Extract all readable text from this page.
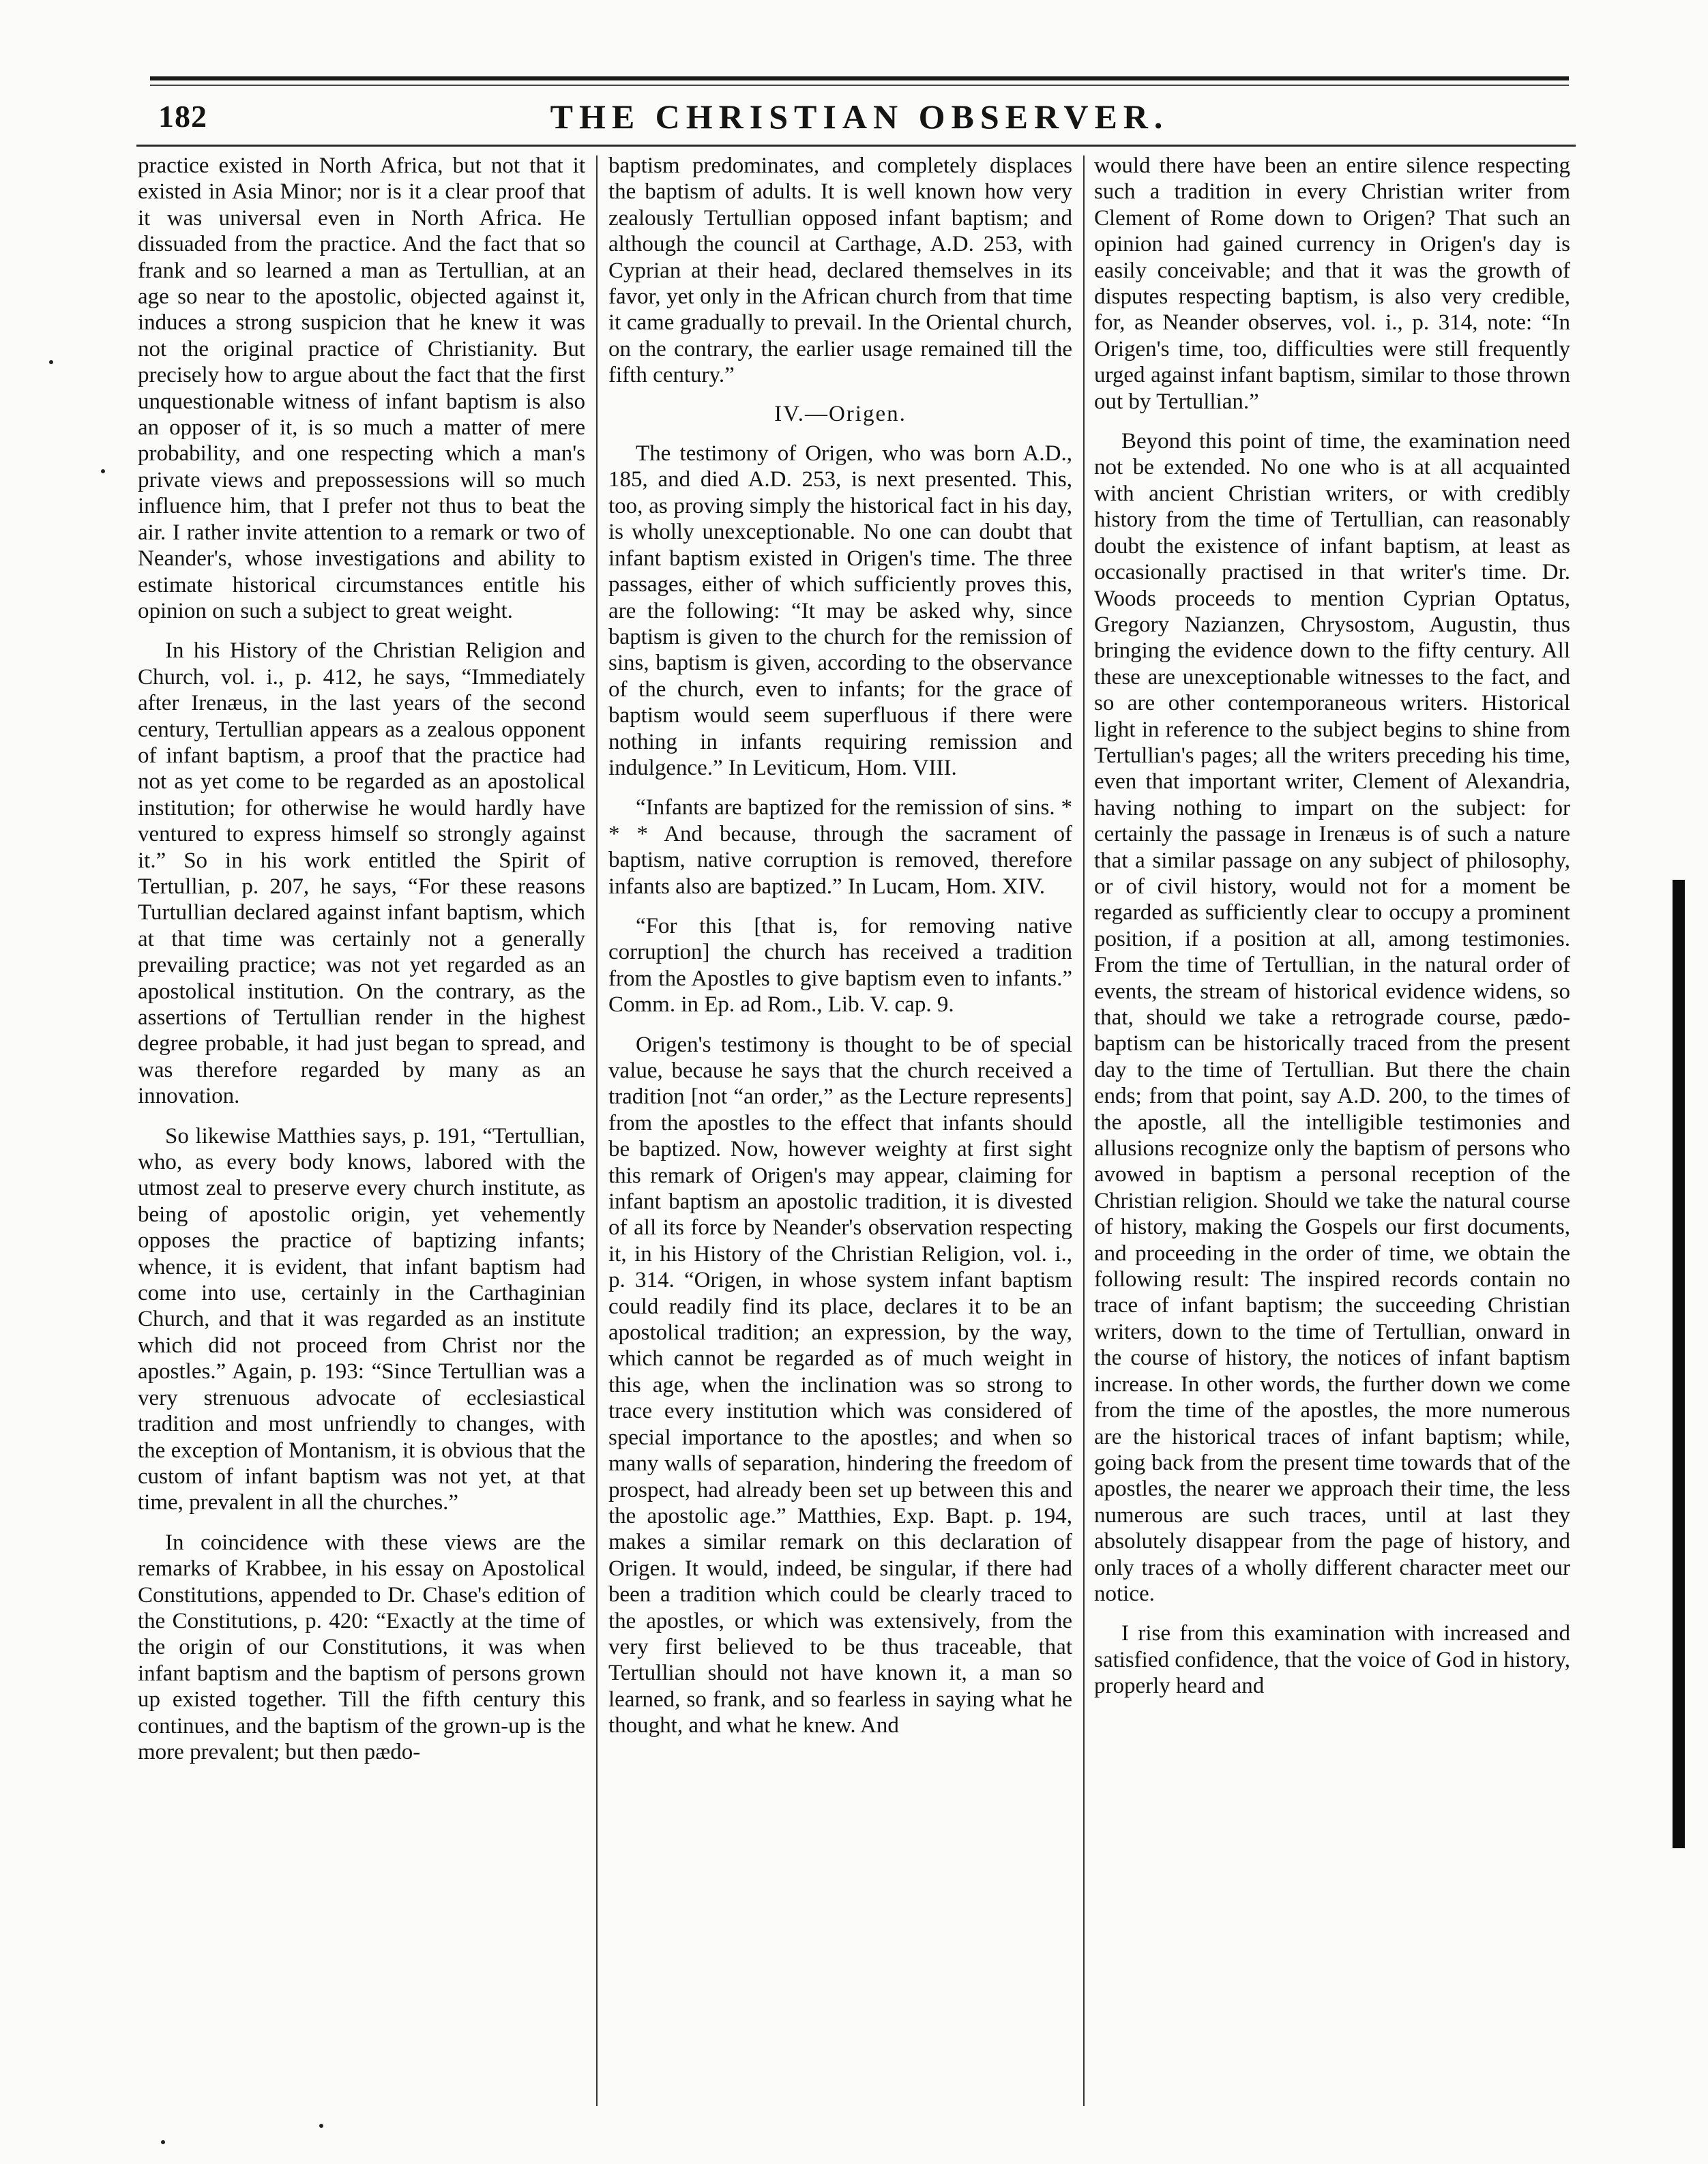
182	THE CHRISTIAN OBSERVER.

practice existed in North Africa, but not that it existed in Asia Minor; nor is it a clear proof that it was universal even in North Africa. He dissuaded from the practice. And the fact that so frank and so learned a man as Tertullian, at an age so near to the apostolic, objected against it, induces a strong suspicion that he knew it was not the original practice of Christianity. But precisely how to argue about the fact that the first unquestionable witness of infant baptism is also an opposer of it, is so much a matter of mere probability, and one respecting which a man's private views and prepossessions will so much influence him, that I prefer not thus to beat the air. I rather invite attention to a remark or two of Neander's, whose investigations and ability to estimate historical circumstances entitle his opinion on such a subject to great weight.

In his History of the Christian Religion and Church, vol. i., p. 412, he says, “Immediately after Irenæus, in the last years of the second century, Tertullian appears as a zealous opponent of infant baptism, a proof that the practice had not as yet come to be regarded as an apostolical institution; for otherwise he would hardly have ventured to express himself so strongly against it.” So in his work entitled the Spirit of Tertullian, p. 207, he says, “For these reasons Turtullian declared against infant baptism, which at that time was certainly not a generally prevailing practice; was not yet regarded as an apostolical institution. On the contrary, as the assertions of Tertullian render in the highest degree probable, it had just began to spread, and was therefore regarded by many as an innovation.

So likewise Matthies says, p. 191, “Tertullian, who, as every body knows, labored with the utmost zeal to preserve every church institute, as being of apostolic origin, yet vehemently opposes the practice of baptizing infants; whence, it is evident, that infant baptism had come into use, certainly in the Carthaginian Church, and that it was regarded as an institute which did not proceed from Christ nor the apostles.” Again, p. 193: “Since Tertullian was a very strenuous advocate of ecclesiastical tradition and most unfriendly to changes, with the exception of Montanism, it is obvious that the custom of infant baptism was not yet, at that time, prevalent in all the churches.”

In coincidence with these views are the remarks of Krabbee, in his essay on Apostolical Constitutions, appended to Dr. Chase's edition of the Constitutions, p. 420: “Exactly at the time of the origin of our Constitutions, it was when infant baptism and the baptism of persons grown up existed together. Till the fifth century this continues, and the baptism of the grown-up is the more prevalent; but then pædo-

baptism predominates, and completely displaces the baptism of adults. It is well known how very zealously Tertullian opposed infant baptism; and although the council at Carthage, A.D. 253, with Cyprian at their head, declared themselves in its favor, yet only in the African church from that time it came gradually to prevail. In the Oriental church, on the contrary, the earlier usage remained till the fifth century.”

IV.—Origen.

The testimony of Origen, who was born A.D., 185, and died A.D. 253, is next presented. This, too, as proving simply the historical fact in his day, is wholly unexceptionable. No one can doubt that infant baptism existed in Origen's time. The three passages, either of which sufficiently proves this, are the following: “It may be asked why, since baptism is given to the church for the remission of sins, baptism is given, according to the observance of the church, even to infants; for the grace of baptism would seem superfluous if there were nothing in infants requiring remission and indulgence.” In Leviticum, Hom. VIII.

“Infants are baptized for the remission of sins. * * * And because, through the sacrament of baptism, native corruption is removed, therefore infants also are baptized.” In Lucam, Hom. XIV.

“For this [that is, for removing native corruption] the church has received a tradition from the Apostles to give baptism even to infants.” Comm. in Ep. ad Rom., Lib. V. cap. 9.

Origen's testimony is thought to be of special value, because he says that the church received a tradition [not “an order,” as the Lecture represents] from the apostles to the effect that infants should be baptized. Now, however weighty at first sight this remark of Origen's may appear, claiming for infant baptism an apostolic tradition, it is divested of all its force by Neander's observation respecting it, in his History of the Christian Religion, vol. i., p. 314. “Origen, in whose system infant baptism could readily find its place, declares it to be an apostolical tradition; an expression, by the way, which cannot be regarded as of much weight in this age, when the inclination was so strong to trace every institution which was considered of special importance to the apostles; and when so many walls of separation, hindering the freedom of prospect, had already been set up between this and the apostolic age.” Matthies, Exp. Bapt. p. 194, makes a similar remark on this declaration of Origen. It would, indeed, be singular, if there had been a tradition which could be clearly traced to the apostles, or which was extensively, from the very first believed to be thus traceable, that Tertullian should not have known it, a man so learned, so frank, and so fearless in saying what he thought, and what he knew. And

would there have been an entire silence respecting such a tradition in every Christian writer from Clement of Rome down to Origen? That such an opinion had gained currency in Origen's day is easily conceivable; and that it was the growth of disputes respecting baptism, is also very credible, for, as Neander observes, vol. i., p. 314, note: “In Origen's time, too, difficulties were still frequently urged against infant baptism, similar to those thrown out by Tertullian.”

Beyond this point of time, the examination need not be extended. No one who is at all acquainted with ancient Christian writers, or with credibly history from the time of Tertullian, can reasonably doubt the existence of infant baptism, at least as occasionally practised in that writer's time. Dr. Woods proceeds to mention Cyprian Optatus, Gregory Nazianzen, Chrysostom, Augustin, thus bringing the evidence down to the fifty century. All these are unexceptionable witnesses to the fact, and so are other contemporaneous writers. Historical light in reference to the subject begins to shine from Tertullian's pages; all the writers preceding his time, even that important writer, Clement of Alexandria, having nothing to impart on the subject: for certainly the passage in Irenæus is of such a nature that a similar passage on any subject of philosophy, or of civil history, would not for a moment be regarded as sufficiently clear to occupy a prominent position, if a position at all, among testimonies. From the time of Tertullian, in the natural order of events, the stream of historical evidence widens, so that, should we take a retrograde course, pædo-baptism can be historically traced from the present day to the time of Tertullian. But there the chain ends; from that point, say A.D. 200, to the times of the apostle, all the intelligible testimonies and allusions recognize only the baptism of persons who avowed in baptism a personal reception of the Christian religion. Should we take the natural course of history, making the Gospels our first documents, and proceeding in the order of time, we obtain the following result: The inspired records contain no trace of infant baptism; the succeeding Christian writers, down to the time of Tertullian, onward in the course of history, the notices of infant baptism increase. In other words, the further down we come from the time of the apostles, the more numerous are the historical traces of infant baptism; while, going back from the present time towards that of the apostles, the nearer we approach their time, the less numerous are such traces, until at last they absolutely disappear from the page of history, and only traces of a wholly different character meet our notice.

I rise from this examination with increased and satisfied confidence, that the voice of God in history, properly heard and
